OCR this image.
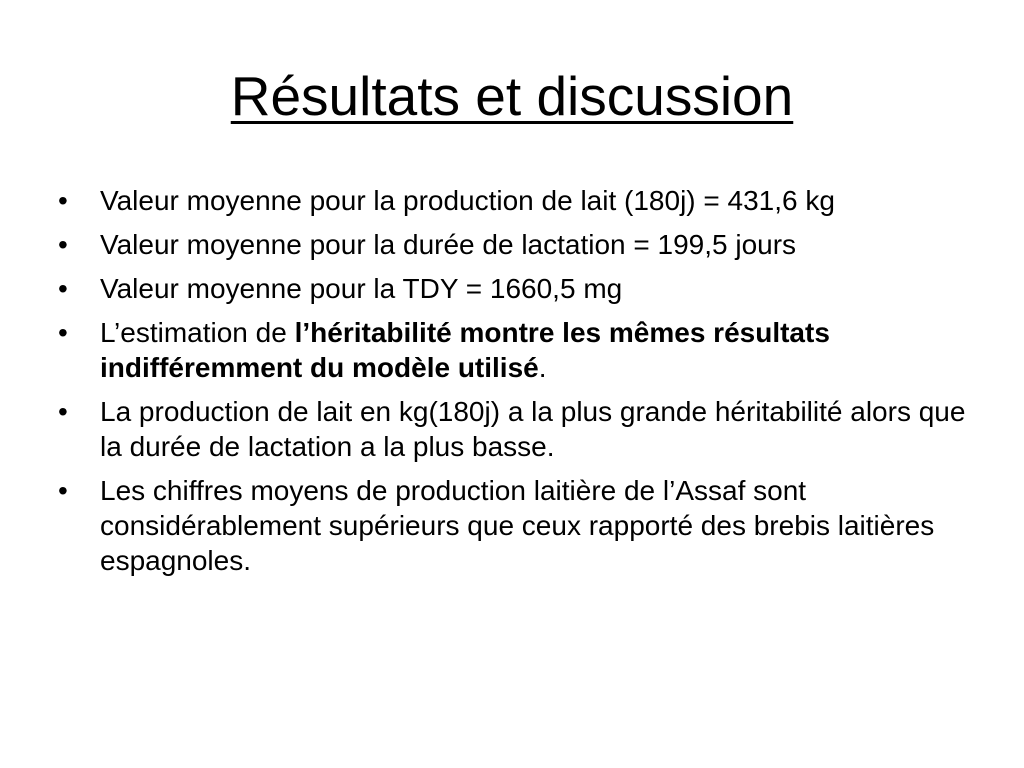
Résultats et discussion
•	Valeur moyenne pour la production de lait (180j) = 431,6 kg
•	Valeur moyenne pour la durée de lactation = 199,5 jours
•	Valeur moyenne pour la TDY = 1660,5 mg
•	L’estimation de l’héritabilité montre les mêmes résultats indifféremment du modèle utilisé.
•	La production de lait en kg(180j) a la plus grande héritabilité alors que la durée de lactation a la plus basse.
•	Les chiffres moyens de production laitière de l’Assaf sont considérablement supérieurs que ceux rapporté des brebis laitières espagnoles.
